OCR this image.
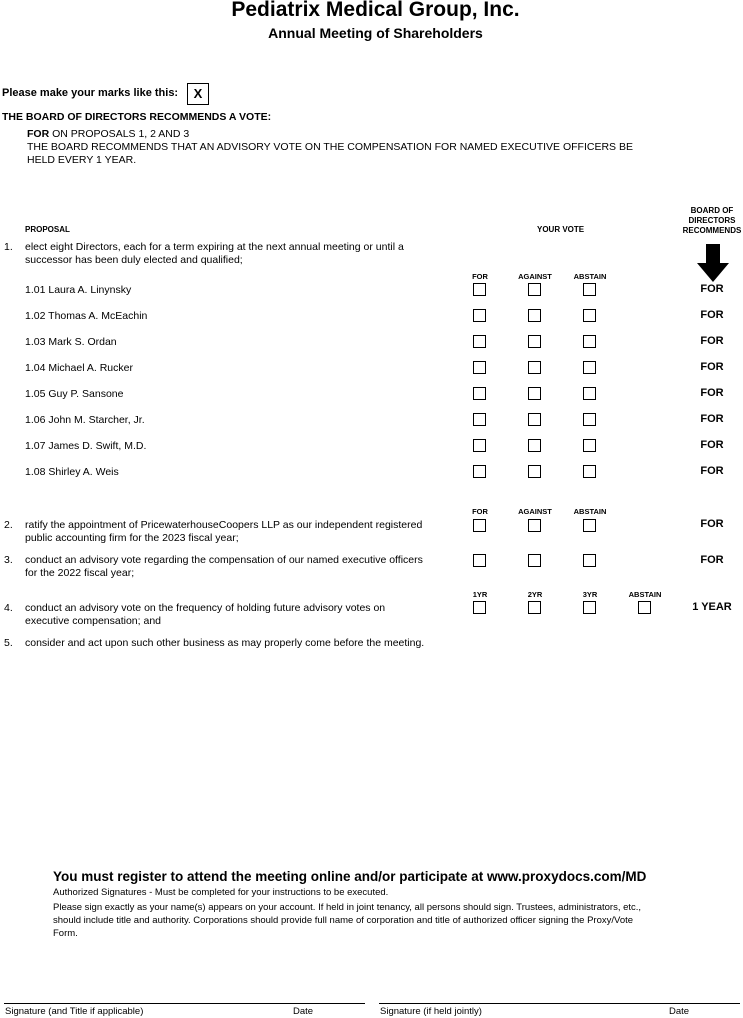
Pediatrix Medical Group, Inc.
Annual Meeting of Shareholders
Please make your marks like this:	X
THE BOARD OF DIRECTORS RECOMMENDS A VOTE:
FOR ON PROPOSALS 1, 2 AND 3
THE BOARD RECOMMENDS THAT AN ADVISORY VOTE ON THE COMPENSATION FOR NAMED EXECUTIVE OFFICERS BE
HELD EVERY 1 YEAR.
PROPOSAL	YOUR VOTE
BOARD OF
DIRECTORS
RECOMMENDS
1. elect eight Directors, each for a term expiring at the next annual meeting or until a
successor has been duly elected and qualified;
FOR	AGAINST	ABSTAIN
1.01 Laura A. Linynsky	FOR
1.02 Thomas A. McEachin	FOR
1.03 Mark S. Ordan	FOR
1.04 Michael A. Rucker	FOR
1.05 Guy P. Sansone	FOR
1.06 John M. Starcher, Jr.	FOR
1.07 James D. Swift, M.D.	FOR
1.08 Shirley A. Weis	FOR
FOR	AGAINST	ABSTAIN
2. ratify the appointment of PricewaterhouseCoopers LLP as our independent registered
public accounting firm for the 2023 fiscal year;
FOR
3. conduct an advisory vote regarding the compensation of our named executive officers
for the 2022 fiscal year;
FOR
1YR	2YR	3YR	ABSTAIN
4. conduct an advisory vote on the frequency of holding future advisory votes on
executive compensation; and
1 YEAR
5. consider and act upon such other business as may properly come before the meeting.
You must register to attend the meeting online and/or participate at www.proxydocs.com/MD
Authorized Signatures - Must be completed for your instructions to be executed.
Please sign exactly as your name(s) appears on your account. If held in joint tenancy, all persons should sign. Trustees, administrators, etc.,
should include title and authority. Corporations should provide full name of corporation and title of authorized officer signing the Proxy/Vote
Form.
Signature (and Title if applicable)	Date	Signature (if held jointly)	Date
